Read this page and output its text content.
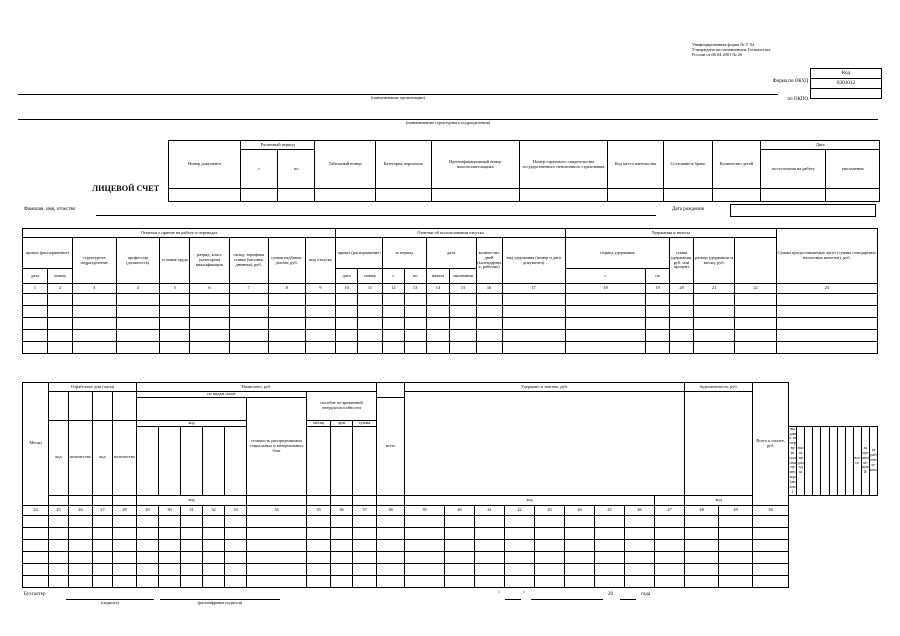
Унифицированная форма № Т-54
Утверждена постановлением Госкомстата
России от 06.04.2001 № 26
Код
0301012

Форма по ОКУД
по ОКПО
(наименование организации)
(наименование структурного подразделения)
Номер документа	Расчетный период		Табельный номер	Категория персонала	Идентификационный номер налогоплательщика	Номер страхового свидетельства государственного пенсионного страхования	Код места жительства	Состояние в браке	Количество детей	Дата	
	с	по								поступления на работу	увольнения

ЛИЦЕВОЙ СЧЕТ
Фамилия, имя, отчество	Дата рождения
Отметки о приеме на работу и переводах									Отметки об использовании отпуска								Удержания и взносы					Суммы предоставляемых льгот (суммы стандартных налоговых вычетов), руб.
приказ (распоряжение)		структурное подразделение	профессия (должность)	условия труда	разряд, класс (категория) квалификации	оклад, тарифная ставка (часовая, дневная), руб.	сумми надбавок, доплат, руб.	вид отпуска	приказ (распоряжение)		за период		дата		количество дней (календарных, рабочих)	вид удержания (номер и дата документа)	период удержания		сумма удержания, руб. или процент	размер удержания за месяц, руб.		
дата	номер								дата	номер	с	по	начала	окончания			с	по				
1	2	3	4	5	6	7	8	9	10	11	12	13	14	15	16	17	18	19	20	21	22	23

Месяц	Отработано дни (часы)				Начислено, руб.										Удержано и зачтено, руб.									Задолженность, руб.		Всего к оплате, руб.											
					по видам оплат						пособие по временной нетрудоспособности																										
										стоимость распределяемых социальных и материальных благ				всего																							
	код	количество	код	количество	код						месяц	дни	сумма																								
																											выдано за первую половину месяца (аванс)	налог на доходы							всего	за организацией	за работником
					код										код									код													
24	25	26	27	28	29	30	31	32	33	34	35	36	37	38	39	40	41	42	43	44	45	46	47	48	49	50											

Бухгалтер
(подпись)	(расшифровка подписи)
"	"	20	года
